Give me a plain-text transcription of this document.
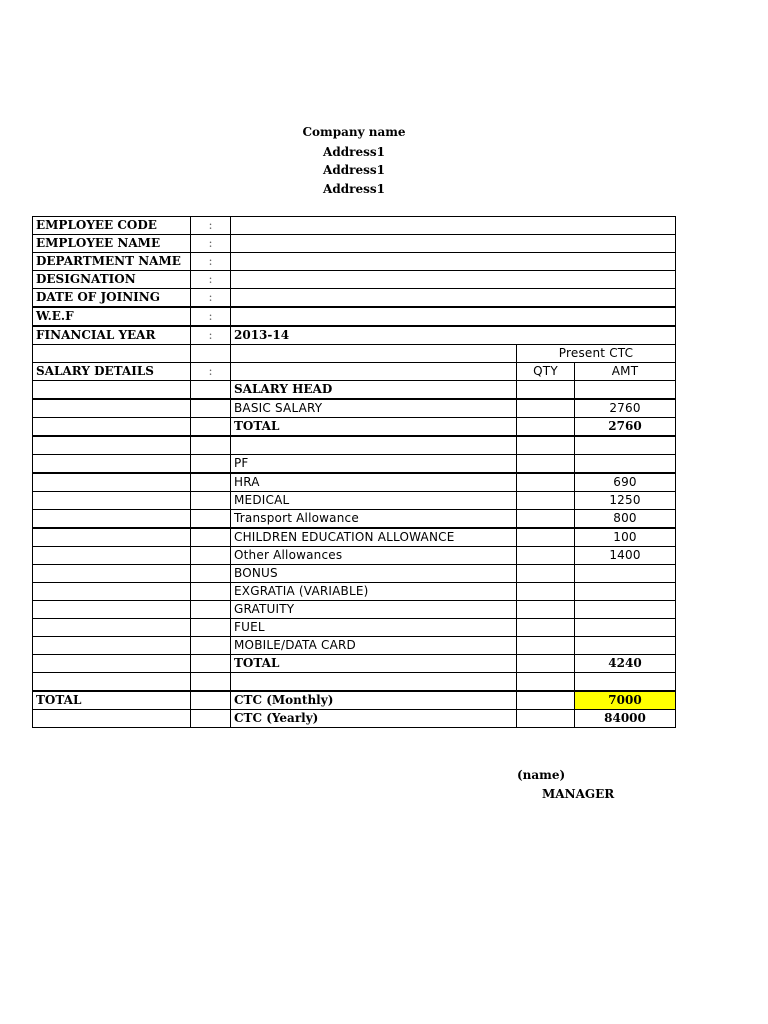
Company name
Address1
Address1
Address1
EMPLOYEE CODE	:			
EMPLOYEE NAME	:			
DEPARTMENT NAME	:			
DESIGNATION	:			
DATE OF JOINING	:			
W.E.F	:			
FINANCIAL YEAR	:	2013-14		
			Present CTC	
SALARY DETAILS	:		QTY	AMT
		SALARY HEAD		
		BASIC SALARY		2760
		TOTAL		2760

		PF		
		HRA		690
		MEDICAL		1250
		Transport Allowance		800
		CHILDREN EDUCATION ALLOWANCE		100
		Other Allowances		1400
		BONUS		
		EXGRATIA (VARIABLE)		
		GRATUITY		
		FUEL		
		MOBILE/DATA CARD		
		TOTAL		4240

TOTAL		CTC (Monthly)		7000
		CTC (Yearly)		84000
(name)
MANAGER
